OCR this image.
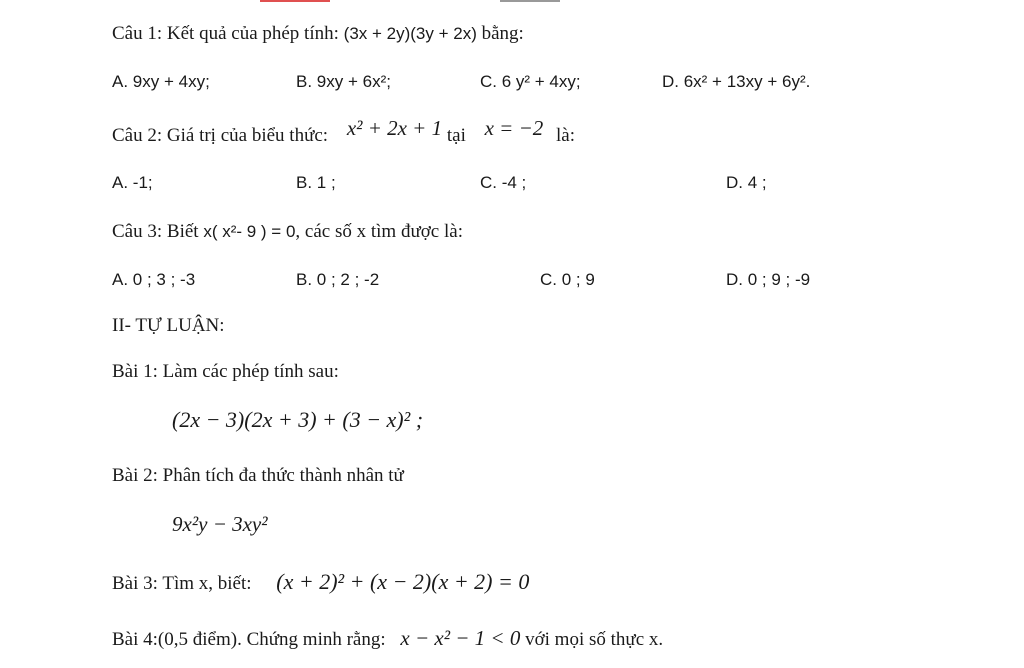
Câu 1: Kết quả của phép tính: (3x + 2y)(3y + 2x) bằng:
A. 9xy + 4xy;	B. 9xy + 6x²;	C. 6 y² + 4xy;	D. 6x² + 13xy + 6y².
Câu 2: Giá trị của biểu thức: x² + 2x + 1 tại x = −2 là:
A. -1;	B. 1 ;	C. -4 ;	D. 4 ;
Câu 3: Biết x( x²- 9 ) = 0, các số x tìm được là:
A. 0 ; 3 ; -3	B. 0 ; 2 ; -2	C. 0 ; 9	D. 0 ; 9 ; -9
II- TỰ LUẬN:
Bài 1: Làm các phép tính sau:
(2x − 3)(2x + 3) + (3 − x)² ;
Bài 2: Phân tích đa thức thành nhân tử
9x²y − 3xy²
Bài 3: Tìm x, biết: (x + 2)² + (x − 2)(x + 2) = 0
Bài 4:(0,5 điểm). Chứng minh rằng: x − x² − 1 < 0 với mọi số thực x.
